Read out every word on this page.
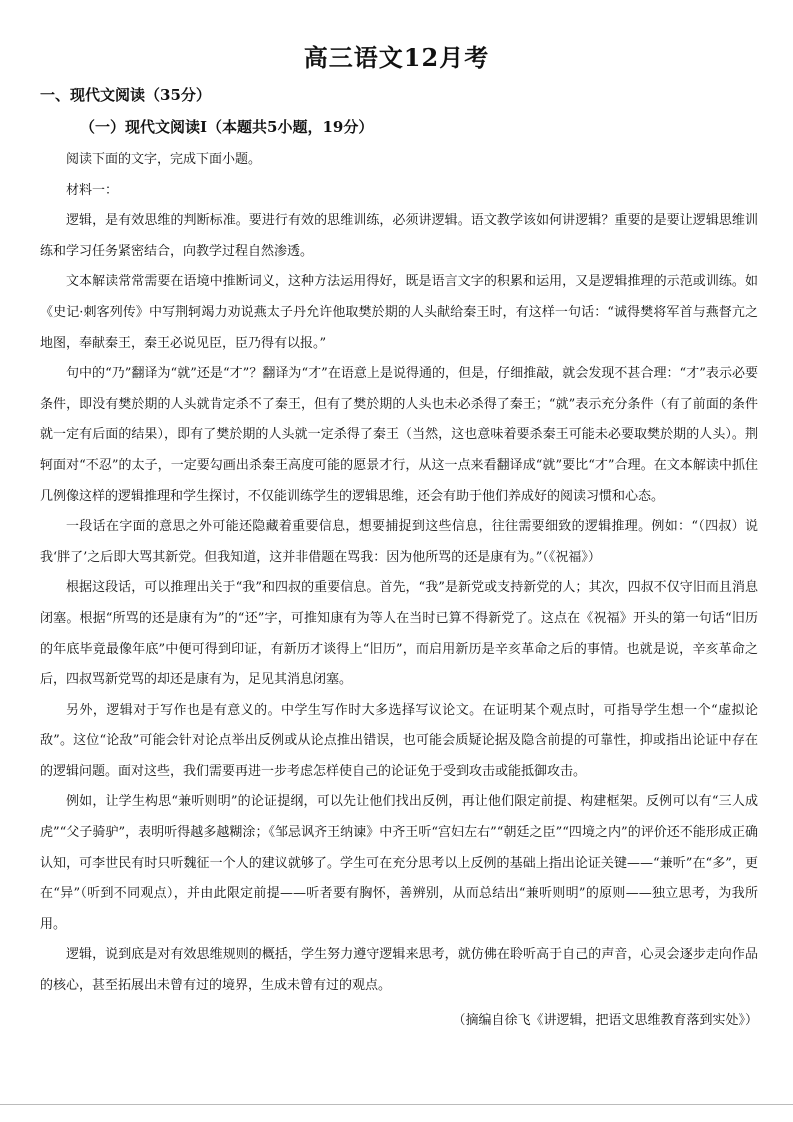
高三语文12月考
一、现代文阅读（35分）
（一）现代文阅读Ⅰ（本题共5小题，19分）

阅读下面的文字，完成下面小题。

材料一：

逻辑，是有效思维的判断标准。要进行有效的思维训练，必须讲逻辑。语文教学该如何讲逻辑？重要的是要让逻辑思维训练和学习任务紧密结合，向教学过程自然渗透。

文本解读常常需要在语境中推断词义，这种方法运用得好，既是语言文字的积累和运用，又是逻辑推理的示范或训练。如《史记·刺客列传》中写荆轲竭力劝说燕太子丹允许他取樊於期的人头献给秦王时，有这样一句话：“诚得樊将军首与燕督亢之地图，奉献秦王，秦王必说见臣，臣乃得有以报。”

句中的“乃”翻译为“就”还是“才”？翻译为“才”在语意上是说得通的，但是，仔细推敲，就会发现不甚合理：“才”表示必要条件，即没有樊於期的人头就肯定杀不了秦王，但有了樊於期的人头也未必杀得了秦王；“就”表示充分条件（有了前面的条件就一定有后面的结果），即有了樊於期的人头就一定杀得了秦王（当然，这也意味着要杀秦王可能未必要取樊於期的人头）。荆轲面对“不忍”的太子，一定要勾画出杀秦王高度可能的愿景才行，从这一点来看翻译成“就”要比“才”合理。在文本解读中抓住几例像这样的逻辑推理和学生探讨，不仅能训练学生的逻辑思维，还会有助于他们养成好的阅读习惯和心态。

一段话在字面的意思之外可能还隐藏着重要信息，想要捕捉到这些信息，往往需要细致的逻辑推理。例如：“（四叔）说我‘胖了’之后即大骂其新党。但我知道，这并非借题在骂我：因为他所骂的还是康有为。”（《祝福》）

根据这段话，可以推理出关于“我”和四叔的重要信息。首先，“我”是新党或支持新党的人；其次，四叔不仅守旧而且消息闭塞。根据“所骂的还是康有为”的“还”字，可推知康有为等人在当时已算不得新党了。这点在《祝福》开头的第一句话“旧历的年底毕竟最像年底”中便可得到印证，有新历才谈得上“旧历”，而启用新历是辛亥革命之后的事情。也就是说，辛亥革命之后，四叔骂新党骂的却还是康有为，足见其消息闭塞。

另外，逻辑对于写作也是有意义的。中学生写作时大多选择写议论文。在证明某个观点时，可指导学生想一个“虚拟论敌”。这位“论敌”可能会针对论点举出反例或从论点推出错误，也可能会质疑论据及隐含前提的可靠性，抑或指出论证中存在的逻辑问题。面对这些，我们需要再进一步考虑怎样使自己的论证免于受到攻击或能抵御攻击。

例如，让学生构思“兼听则明”的论证提纲，可以先让他们找出反例，再让他们限定前提、构建框架。反例可以有“三人成虎”“父子骑驴”，表明听得越多越糊涂；《邹忌讽齐王纳谏》中齐王听“宫妇左右”“朝廷之臣”“四境之内”的评价还不能形成正确认知，可李世民有时只听魏征一个人的建议就够了。学生可在充分思考以上反例的基础上指出论证关键——“兼听”在“多”，更在“异”（听到不同观点），并由此限定前提——听者要有胸怀，善辨别，从而总结出“兼听则明”的原则——独立思考，为我所用。

逻辑，说到底是对有效思维规则的概括，学生努力遵守逻辑来思考，就仿佛在聆听高于自己的声音，心灵会逐步走向作品的核心，甚至拓展出未曾有过的境界，生成未曾有过的观点。

（摘编自徐飞《讲逻辑，把语文思维教育落到实处》）
